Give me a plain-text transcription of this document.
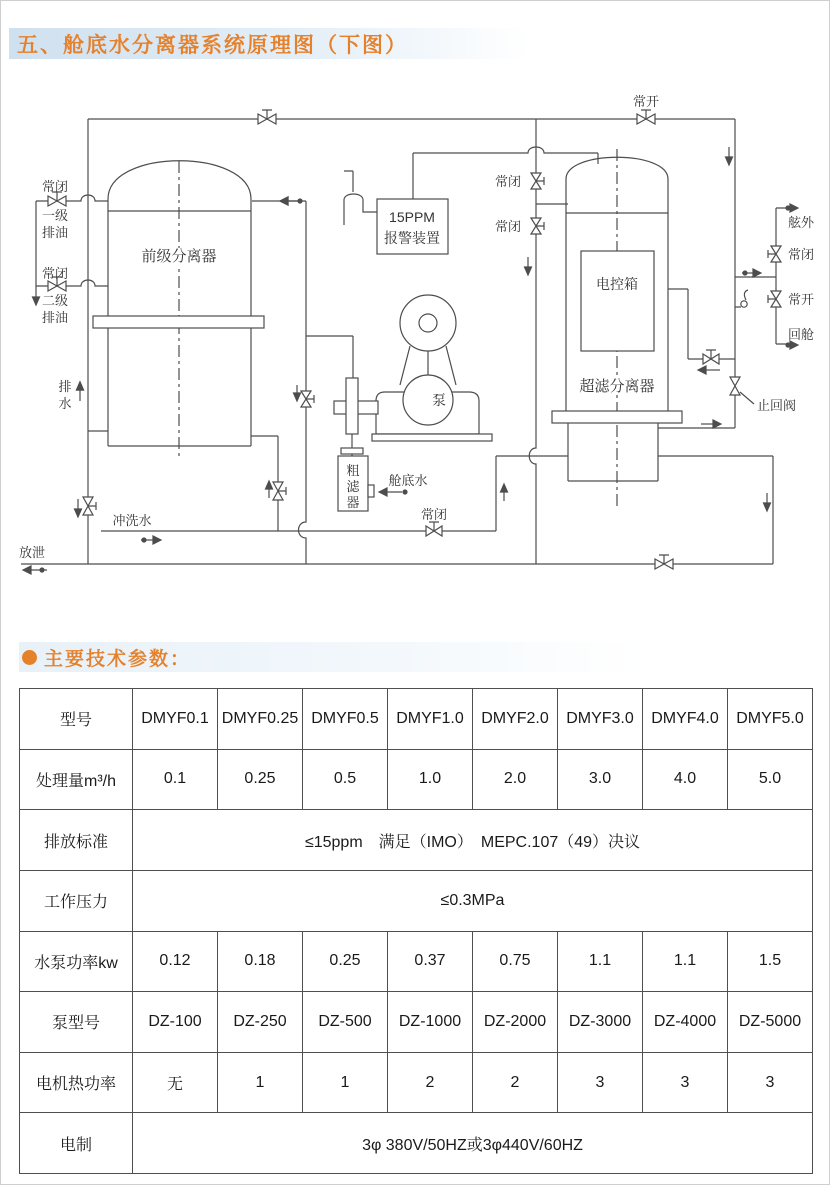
五、舱底水分离器系统原理图（下图）
常闭
一级
排油
常闭
二级
排油
前级分离器
排
水
冲洗水
放泄
15PPM
报警装置
泵
粗
滤
器
舱底水
常闭
常闭
常开
常闭
电控箱
超滤分离器
舷外
常闭
常开
回舱
止回阀
主要技术参数：
型号	DMYF0.1	DMYF0.25	DMYF0.5	DMYF1.0	DMYF2.0	DMYF3.0	DMYF4.0	DMYF5.0
处理量m³/h	0.1	0.25	0.5	1.0	2.0	3.0	4.0	5.0
排放标准	≤15ppm　满足（IMO）　MEPC.107（49）决议							
工作压力	≤0.3MPa							
水泵功率kw	0.12	0.18	0.25	0.37	0.75	1.1	1.1	1.5
泵型号	DZ-100	DZ-250	DZ-500	DZ-1000	DZ-2000	DZ-3000	DZ-4000	DZ-5000
电机热功率	无	1	1	2	2	3	3	3
电制	3φ 380V/50HZ或3φ440V/60HZ							
